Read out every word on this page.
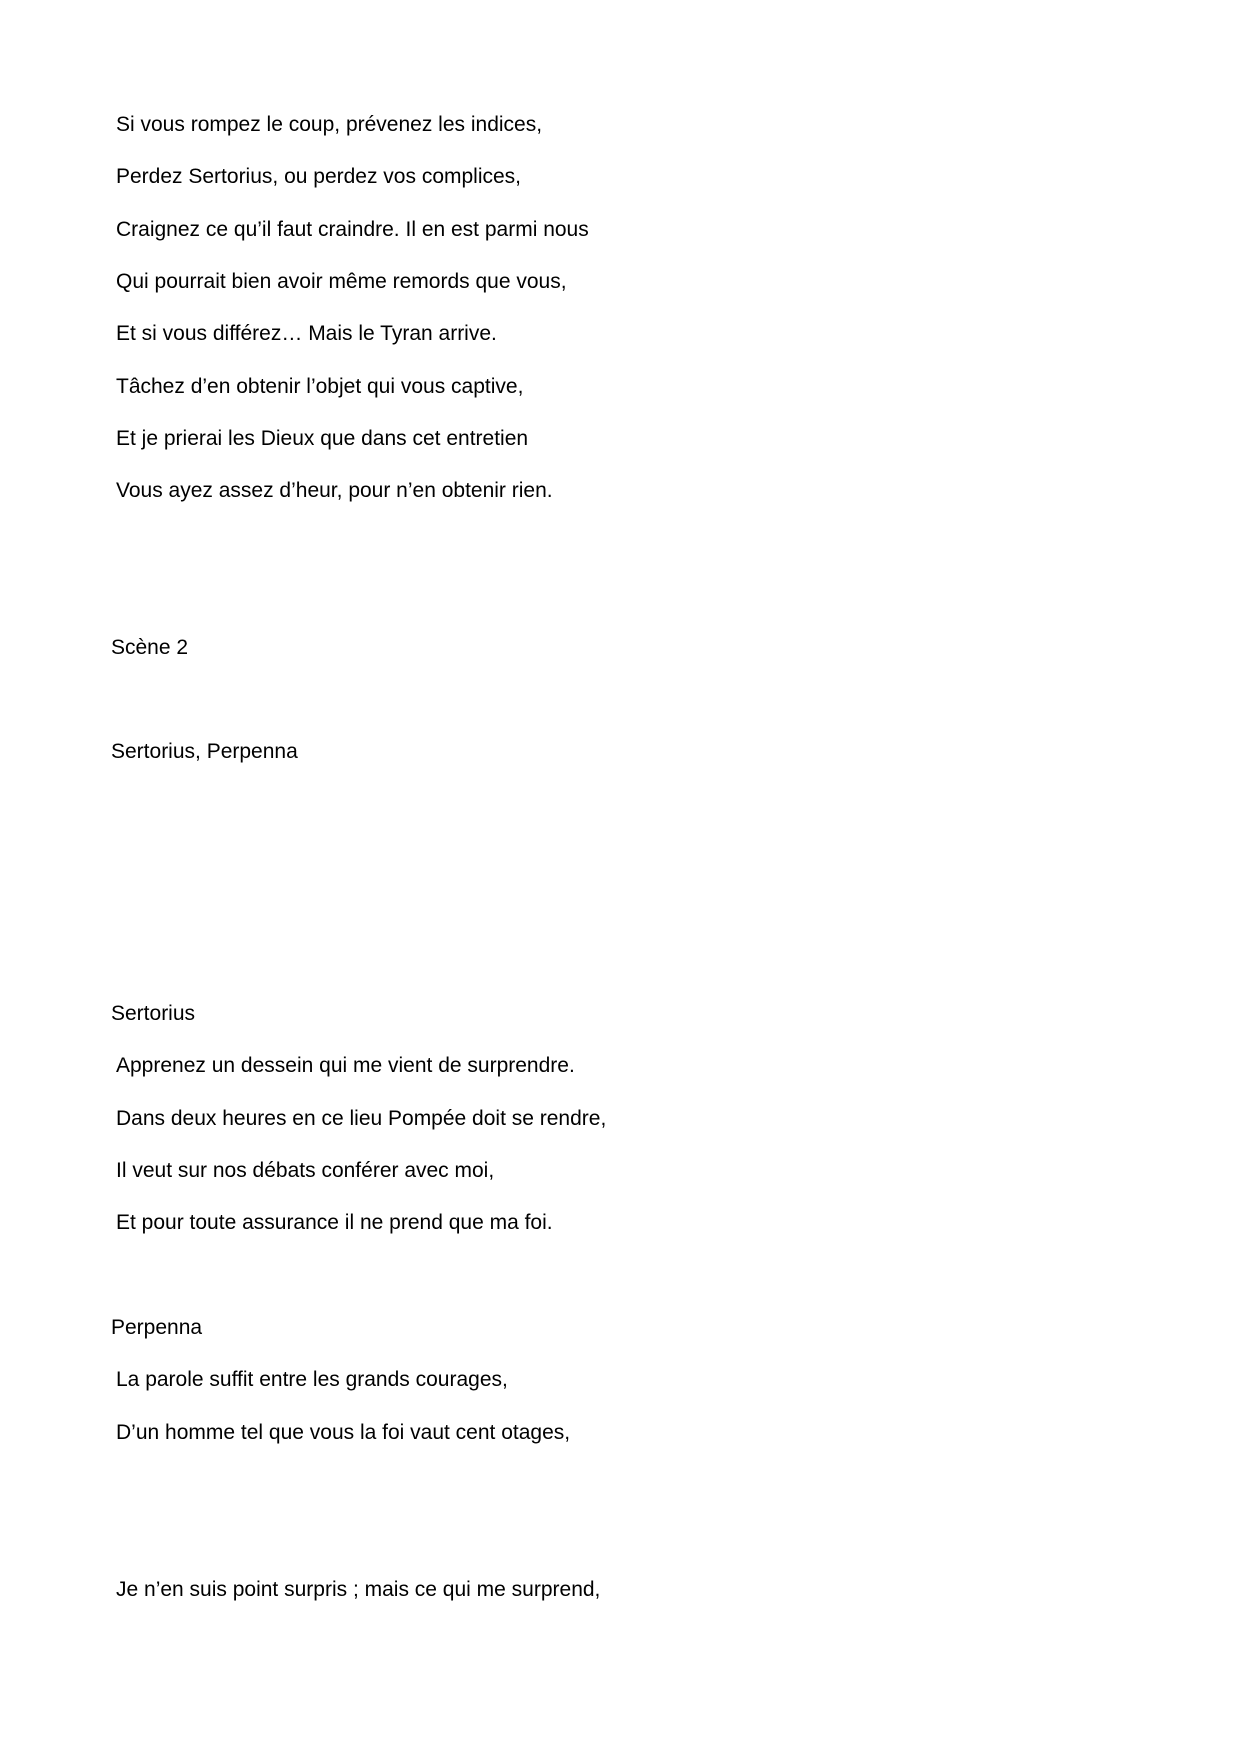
Si vous rompez le coup, prévenez les indices,
Perdez Sertorius, ou perdez vos complices,
Craignez ce qu’il faut craindre. Il en est parmi nous
Qui pourrait bien avoir même remords que vous,
Et si vous différez… Mais le Tyran arrive.
Tâchez d’en obtenir l’objet qui vous captive,
Et je prierai les Dieux que dans cet entretien
Vous ayez assez d’heur, pour n’en obtenir rien.
Scène 2
Sertorius, Perpenna
Sertorius
Apprenez un dessein qui me vient de surprendre.
Dans deux heures en ce lieu Pompée doit se rendre,
Il veut sur nos débats conférer avec moi,
Et pour toute assurance il ne prend que ma foi.
Perpenna
La parole suffit entre les grands courages,
D’un homme tel que vous la foi vaut cent otages,
Je n’en suis point surpris ; mais ce qui me surprend,
